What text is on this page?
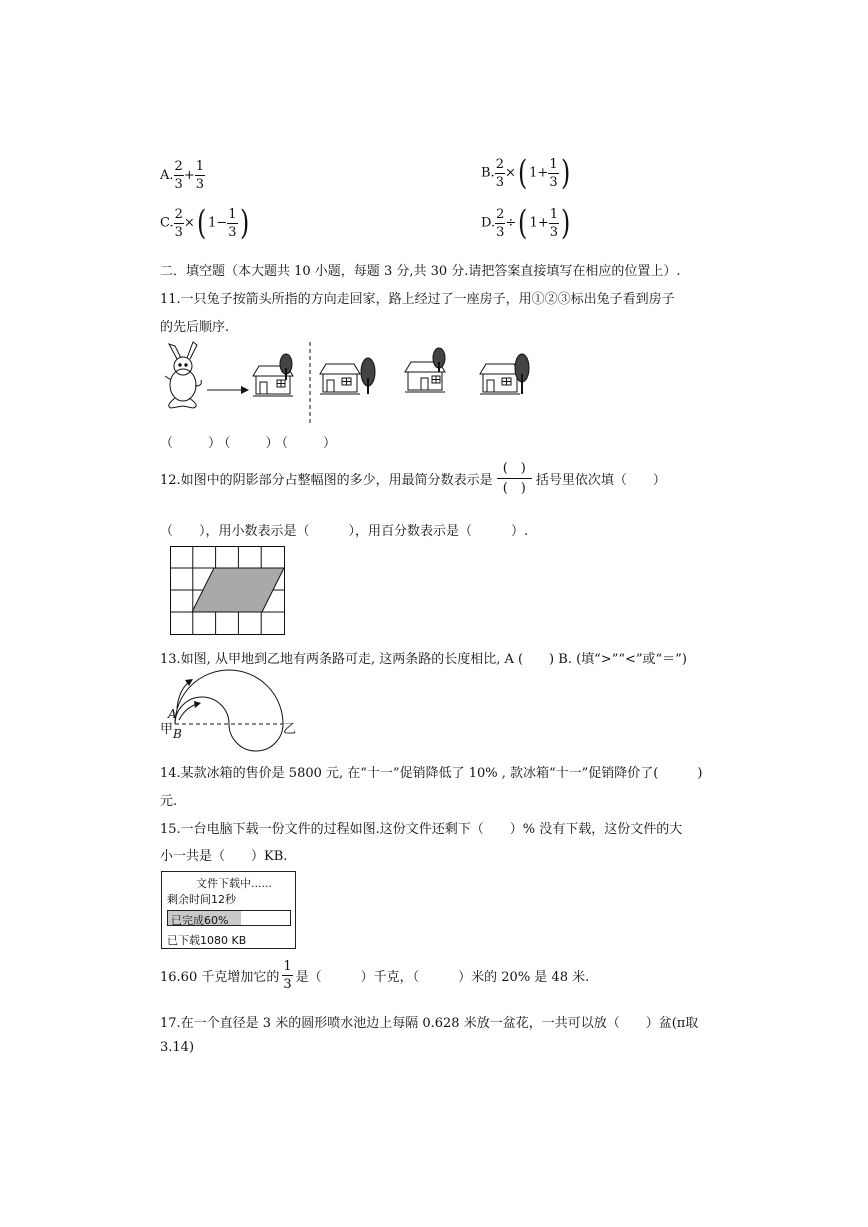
A. $\frac{2}{3} + \frac{1}{3}$	B. $\frac{2}{3}$ ×( $1+ \frac{1}{3}$ )
C. $\frac{2}{3}$ ×( $1- \frac{1}{3}$ )	D. $\frac{2}{3}$ ÷( $1+ \frac{1}{3}$ )
二．填空题（本大题共 10 小题，每题 3 分,共 30 分.请把答案直接填写在相应的位置上）.
11.一只兔子按箭头所指的方向走回家，路上经过了一座房子，用①②③标出兔子看到房子
的先后顺序.
（　　）（　　）（　　）
12.如图中的阴影部分占整幅图的多少，用最简分数表示是 $\frac{( )}{( )}$ 括号里依次填（　　）
（　　），用小数表示是（　　　），用百分数表示是（　　　）.
13.如图, 从甲地到乙地有两条路可走, 这两条路的长度相比, A (　　) B. (填“>”“<”或“＝”)
A
甲 B	乙
14.某款冰箱的售价是 5800 元, 在“十一”促销降低了 10% , 款冰箱“十一”促销降价了(　　　)
元.
15.一台电脑下载一份文件的过程如图.这份文件还剩下（　　）% 没有下载，这份文件的大
小一共是（　　）KB.
文件下载中......
剩余时间12秒
已完成60%
已下载1080 KB
16.60 千克增加它的 $\frac{1}{3}$ 是（　　　）千克，（　　　）米的 20% 是 48 米.
17.在一个直径是 3 米的圆形喷水池边上每隔 0.628 米放一盆花，一共可以放（　　）盆(π取
3.14)
